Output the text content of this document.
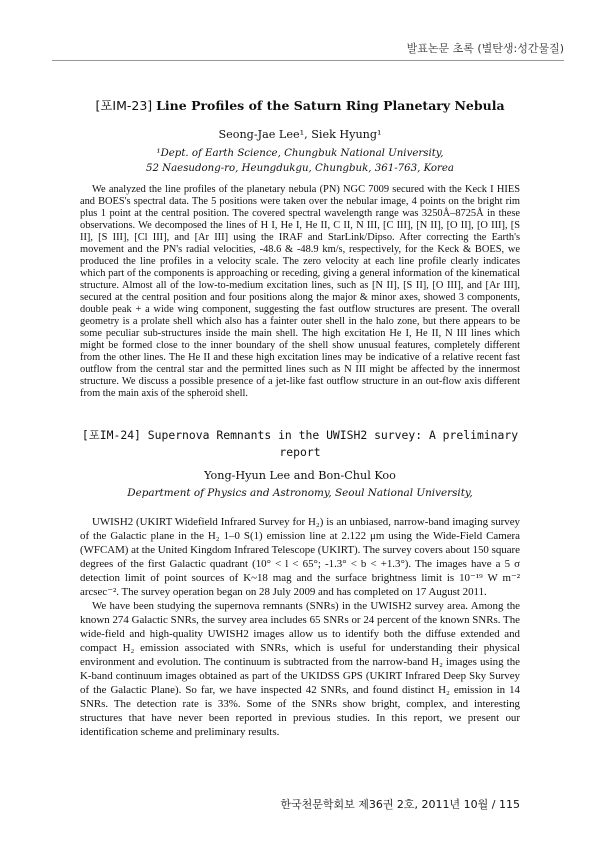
발표논문 초록 (별탄생:성간물질)
[포IM-23] Line Profiles of the Saturn Ring Planetary Nebula
Seong-Jae Lee¹, Siek Hyung¹
¹Dept. of Earth Science, Chungbuk National University,
52 Naesudong-ro, Heungdukgu, Chungbuk, 361-763, Korea

We analyzed the line profiles of the planetary nebula (PN) NGC 7009 secured with the Keck I HIES and BOES's spectral data. The 5 positions were taken over the nebular image, 4 points on the bright rim plus 1 point at the central position. The covered spectral wavelength range was 3250Å–8725Å in these observations. We decomposed the lines of H I, He I, He II, C II, N III, [C III], [N II], [O II], [O III], [S II], [S III], [Cl III], and [Ar III] using the IRAF and StarLink/Dipso. After correcting the Earth's movement and the PN's radial velocities, -48.6 & -48.9 km/s, respectively, for the Keck & BOES, we produced the line profiles in a velocity scale. The zero velocity at each line profile clearly indicates which part of the components is approaching or receding, giving a general information of the kinematical structure. Almost all of the low-to-medium excitation lines, such as [N II], [S II], [O III], and [Ar III], secured at the central position and four positions along the major & minor axes, showed 3 components, double peak + a wide wing component, suggesting the fast outflow structures are present. The overall geometry is a prolate shell which also has a fainter outer shell in the halo zone, but there appears to be some peculiar sub-structures inside the main shell. The high excitation He I, He II, N III lines which might be formed close to the inner boundary of the shell show unusual features, completely different from the other lines. The He II and these high excitation lines may be indicative of a relative recent fast outflow from the central star and the permitted lines such as N III might be affected by the innermost structure. We discuss a possible presence of a jet-like fast outflow structure in an out-flow axis different from the main axis of the spheroid shell.

[포IM-24] Supernova Remnants in the UWISH2 survey: A preliminary
report
Yong-Hyun Lee and Bon-Chul Koo
Department of Physics and Astronomy, Seoul National University,

UWISH2 (UKIRT Widefield Infrared Survey for H₂) is an unbiased, narrow-band imaging survey of the Galactic plane in the H₂ 1–0 S(1) emission line at 2.122 μm using the Wide-Field Camera (WFCAM) at the United Kingdom Infrared Telescope (UKIRT). The survey covers about 150 square degrees of the first Galactic quadrant (10° < l < 65°; -1.3° < b < +1.3°). The images have a 5 σ detection limit of point sources of K~18 mag and the surface brightness limit is 10⁻¹⁹ W m⁻² arcsec⁻². The survey operation began on 28 July 2009 and has completed on 17 August 2011.

We have been studying the supernova remnants (SNRs) in the UWISH2 survey area. Among the known 274 Galactic SNRs, the survey area includes 65 SNRs or 24 percent of the known SNRs. The wide-field and high-quality UWISH2 images allow us to identify both the diffuse extended and compact H₂ emission associated with SNRs, which is useful for understanding their physical environment and evolution. The continuum is subtracted from the narrow-band H₂ images using the K-band continuum images obtained as part of the UKIDSS GPS (UKIRT Infrared Deep Sky Survey of the Galactic Plane). So far, we have inspected 42 SNRs, and found distinct H₂ emission in 14 SNRs. The detection rate is 33%. Some of the SNRs show bright, complex, and interesting structures that have never been reported in previous studies. In this report, we present our identification scheme and preliminary results.

한국천문학회보 제36권 2호, 2011년 10월 / 115
